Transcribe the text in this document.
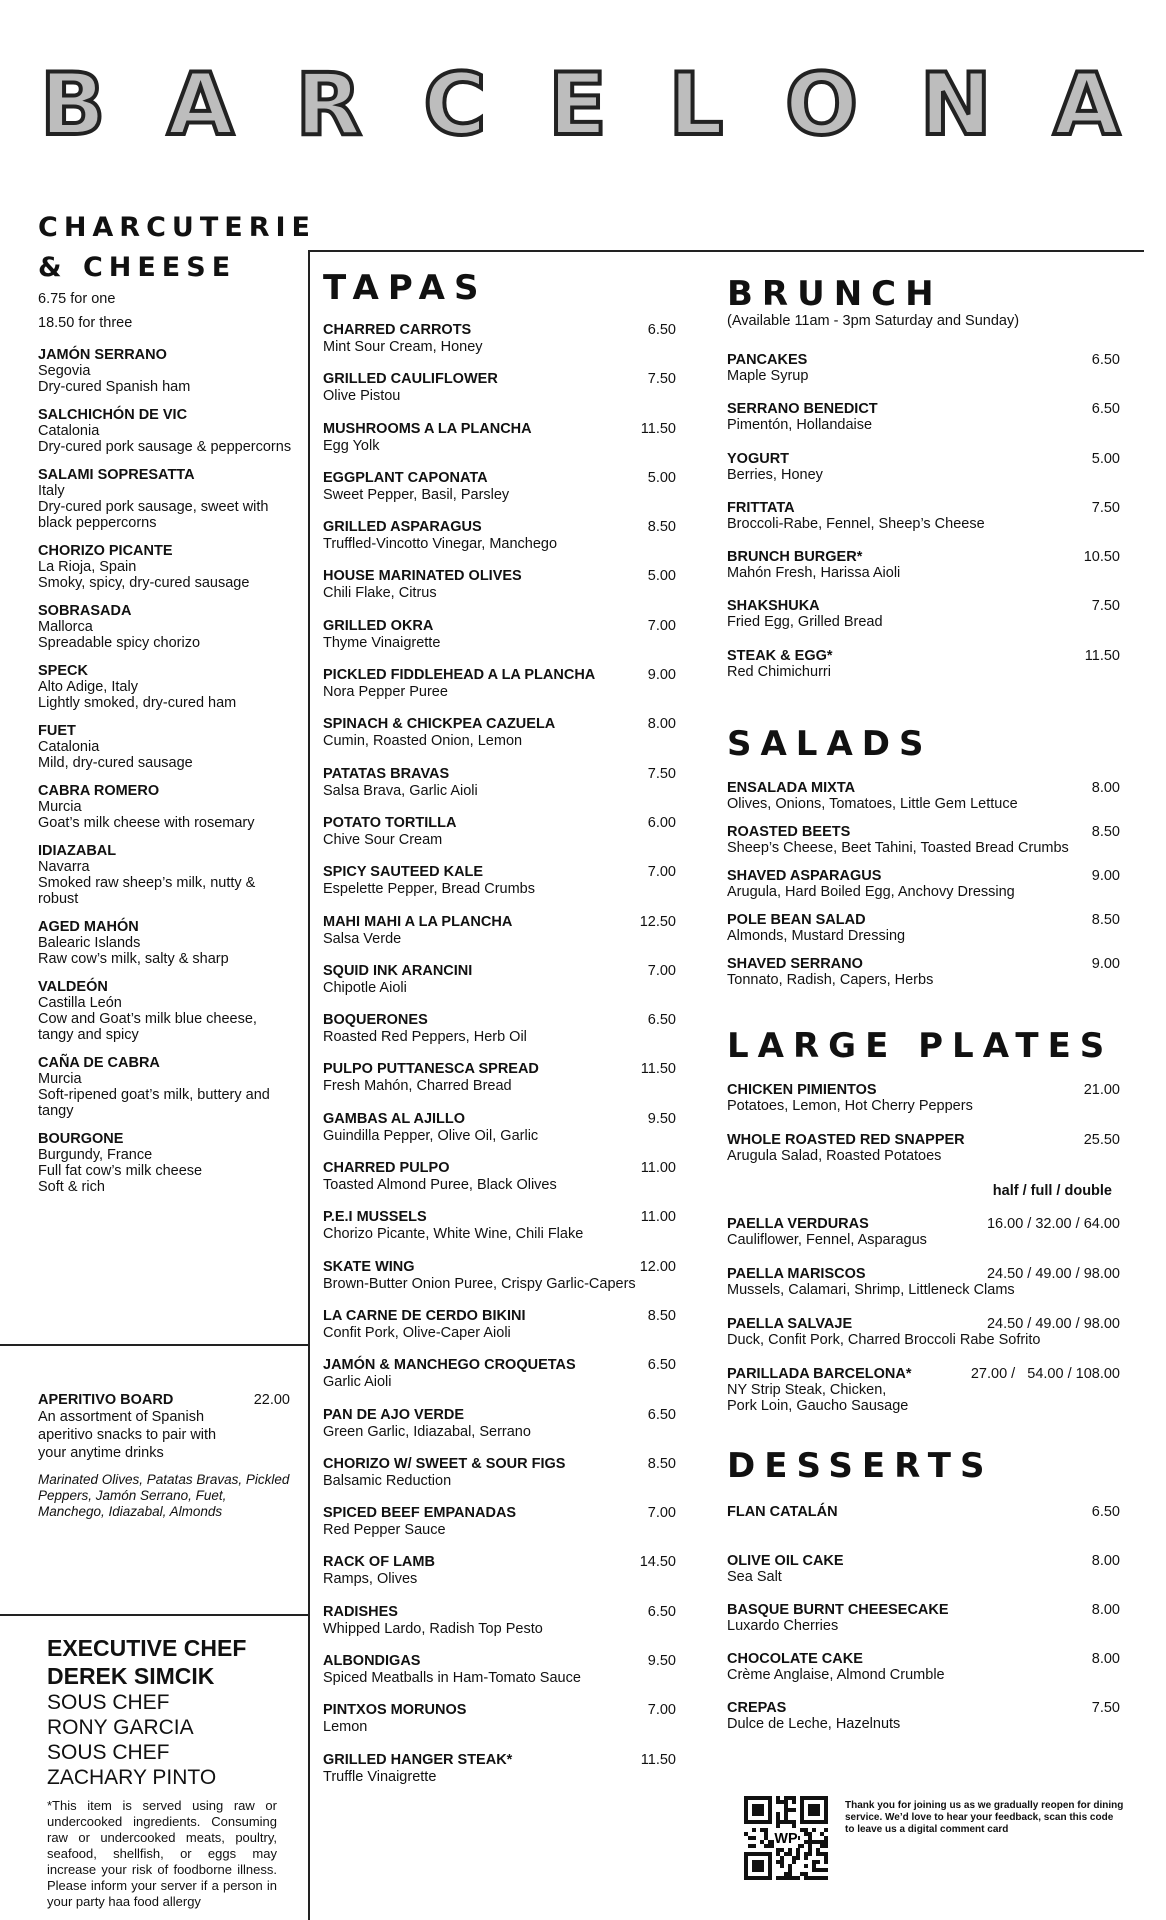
B A R C E L O N A
CHARCUTERIE & CHEESE
6.75 for one
18.50 for three
JAMÓN SERRANO
Segovia
Dry-cured Spanish ham
SALCHICHÓN DE VIC
Catalonia
Dry-cured pork sausage & peppercorns
SALAMI SOPRESATTA
Italy
Dry-cured pork sausage, sweet with black peppercorns
CHORIZO PICANTE
La Rioja, Spain
Smoky, spicy, dry-cured sausage
SOBRASADA
Mallorca
Spreadable spicy chorizo
SPECK
Alto Adige, Italy
Lightly smoked, dry-cured ham
FUET
Catalonia
Mild, dry-cured sausage
CABRA ROMERO
Murcia
Goat’s milk cheese with rosemary
IDIAZABAL
Navarra
Smoked raw sheep’s milk, nutty & robust
AGED MAHÓN
Balearic Islands
Raw cow’s milk, salty & sharp
VALDEÓN
Castilla León
Cow and Goat’s milk blue cheese, tangy and spicy
CAÑA DE CABRA
Murcia
Soft-ripened goat’s milk, buttery and tangy
BOURGONE
Burgundy, France
Full fat cow’s milk cheese
Soft & rich
APERITIVO BOARD	22.00
An assortment of Spanish aperitivo snacks to pair with your anytime drinks
Marinated Olives, Patatas Bravas, Pickled Peppers, Jamón Serrano, Fuet, Manchego, Idiazabal, Almonds
EXECUTIVE CHEF
DEREK SIMCIK
SOUS CHEF
RONY GARCIA
SOUS CHEF
ZACHARY PINTO
*This item is served using raw or undercooked ingredients. Consuming raw or undercooked meats, poultry, seafood, shellfish, or eggs may increase your risk of foodborne illness. Please inform your server if a person in your party haa food allergy
TAPAS
CHARRED CARROTS	6.50
Mint Sour Cream, Honey
GRILLED CAULIFLOWER	7.50
Olive Pistou
MUSHROOMS A LA PLANCHA	11.50
Egg Yolk
EGGPLANT CAPONATA	5.00
Sweet Pepper, Basil, Parsley
GRILLED ASPARAGUS	8.50
Truffled-Vincotto Vinegar, Manchego
HOUSE MARINATED OLIVES	5.00
Chili Flake, Citrus
GRILLED OKRA	7.00
Thyme Vinaigrette
PICKLED FIDDLEHEAD A LA PLANCHA	9.00
Nora Pepper Puree
SPINACH & CHICKPEA CAZUELA	8.00
Cumin, Roasted Onion, Lemon
PATATAS BRAVAS	7.50
Salsa Brava, Garlic Aioli
POTATO TORTILLA	6.00
Chive Sour Cream
SPICY SAUTEED KALE	7.00
Espelette Pepper, Bread Crumbs
MAHI MAHI A LA PLANCHA	12.50
Salsa Verde
SQUID INK ARANCINI	7.00
Chipotle Aioli
BOQUERONES	6.50
Roasted Red Peppers, Herb Oil
PULPO PUTTANESCA SPREAD	11.50
Fresh Mahón, Charred Bread
GAMBAS AL AJILLO	9.50
Guindilla Pepper, Olive Oil, Garlic
CHARRED PULPO	11.00
Toasted Almond Puree, Black Olives
P.E.I MUSSELS	11.00
Chorizo Picante, White Wine, Chili Flake
SKATE WING	12.00
Brown-Butter Onion Puree, Crispy Garlic-Capers
LA CARNE DE CERDO BIKINI	8.50
Confit Pork, Olive-Caper Aioli
JAMÓN & MANCHEGO CROQUETAS	6.50
Garlic Aioli
PAN DE AJO VERDE	6.50
Green Garlic, Idiazabal, Serrano
CHORIZO W/ SWEET & SOUR FIGS	8.50
Balsamic Reduction
SPICED BEEF EMPANADAS	7.00
Red Pepper Sauce
RACK OF LAMB	14.50
Ramps, Olives
RADISHES	6.50
Whipped Lardo, Radish Top Pesto
ALBONDIGAS	9.50
Spiced Meatballs in Ham-Tomato Sauce
PINTXOS MORUNOS	7.00
Lemon
GRILLED HANGER STEAK*	11.50
Truffle Vinaigrette
BRUNCH
(Available 11am - 3pm Saturday and Sunday)
PANCAKES	6.50
Maple Syrup
SERRANO BENEDICT	6.50
Pimentón, Hollandaise
YOGURT	5.00
Berries, Honey
FRITTATA	7.50
Broccoli-Rabe, Fennel, Sheep’s Cheese
BRUNCH BURGER*	10.50
Mahón Fresh, Harissa Aioli
SHAKSHUKA	7.50
Fried Egg, Grilled Bread
STEAK & EGG*	11.50
Red Chimichurri
SALADS
ENSALADA MIXTA	8.00
Olives, Onions, Tomatoes, Little Gem Lettuce
ROASTED BEETS	8.50
Sheep’s Cheese, Beet Tahini, Toasted Bread Crumbs
SHAVED ASPARAGUS	9.00
Arugula, Hard Boiled Egg, Anchovy Dressing
POLE BEAN SALAD	8.50
Almonds, Mustard Dressing
SHAVED SERRANO	9.00
Tonnato, Radish, Capers, Herbs
LARGE PLATES
CHICKEN PIMIENTOS	21.00
Potatoes, Lemon, Hot Cherry Peppers
WHOLE ROASTED RED SNAPPER	25.50
Arugula Salad, Roasted Potatoes
half / full / double
PAELLA VERDURAS	16.00 / 32.00 / 64.00
Cauliflower, Fennel, Asparagus
PAELLA MARISCOS	24.50 / 49.00 / 98.00
Mussels, Calamari, Shrimp, Littleneck Clams
PAELLA SALVAJE	24.50 / 49.00 / 98.00
Duck, Confit Pork, Charred Broccoli Rabe Sofrito
PARILLADA BARCELONA*	27.00 /   54.00 / 108.00
NY Strip Steak, Chicken,
Pork Loin, Gaucho Sausage
DESSERTS
FLAN CATALÁN	6.50
OLIVE OIL CAKE	8.00
Sea Salt
BASQUE BURNT CHEESECAKE	8.00
Luxardo Cherries
CHOCOLATE CAKE	8.00
Crème Anglaise, Almond Crumble
CREPAS	7.50
Dulce de Leche, Hazelnuts
WP
Thank you for joining us as we gradually reopen for dining service. We’d love to hear your feedback, scan this code to leave us a digital comment card
